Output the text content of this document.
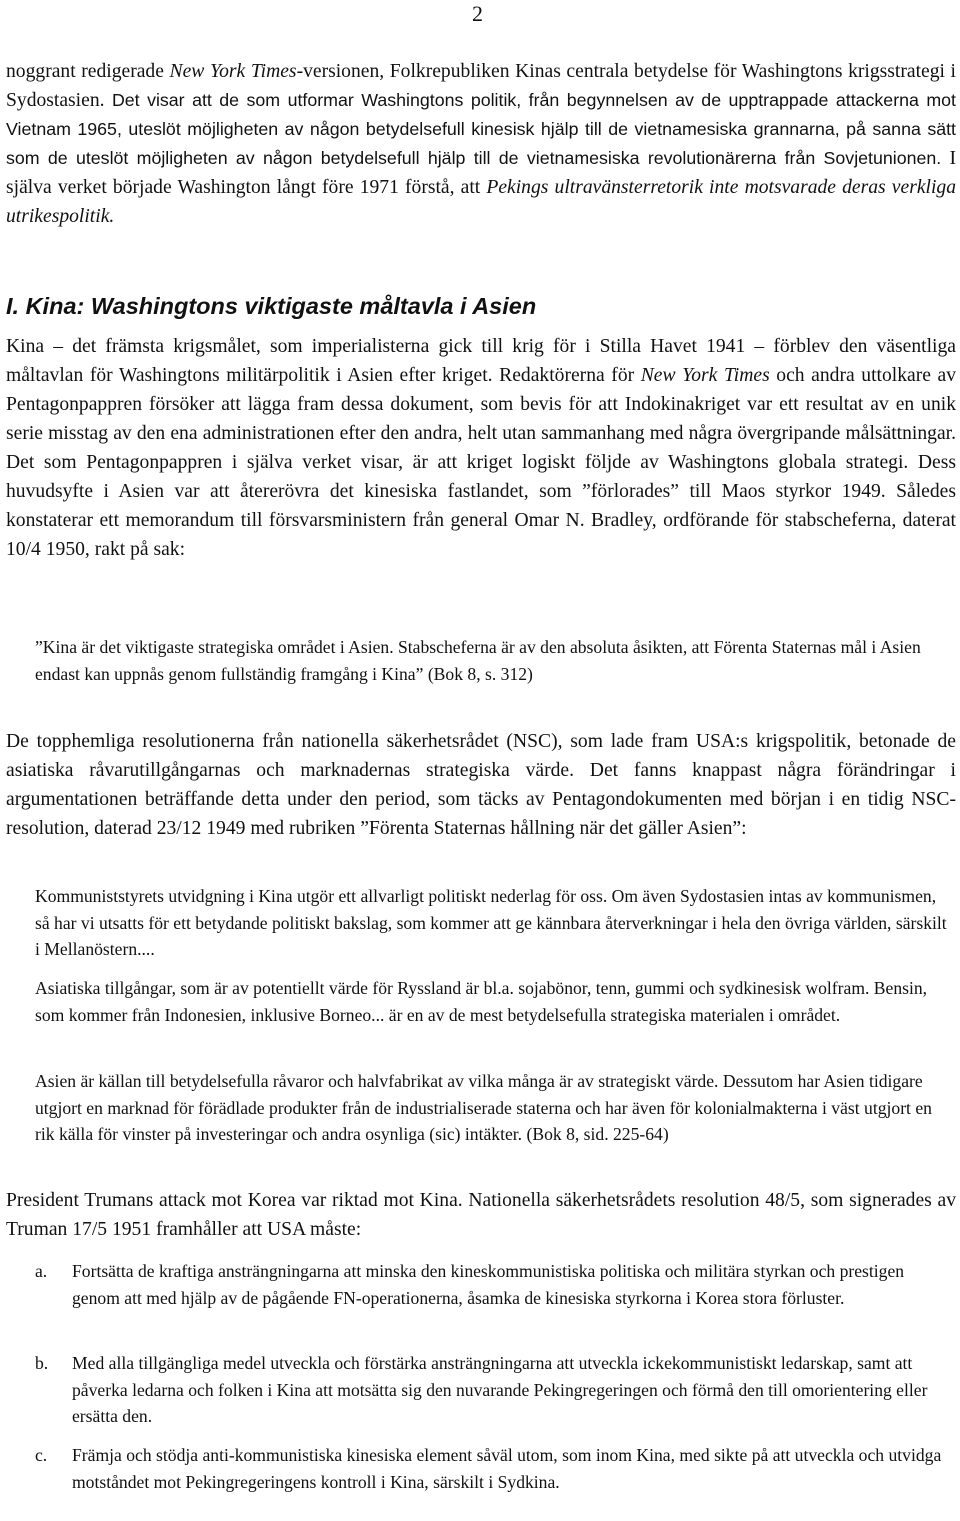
2
noggrant redigerade New York Times-versionen, Folkrepubliken Kinas centrala betydelse för Washingtons krigsstrategi i Sydostasien. Det visar att de som utformar Washingtons politik, från begynnelsen av de upptrappade attackerna mot Vietnam 1965, uteslöt möjligheten av någon betydelsefull kinesisk hjälp till de vietnamesiska grannarna, på sanna sätt som de uteslöt möjligheten av någon betydelsefull hjälp till de vietnamesiska revolutionärerna från Sovjetunionen. I själva verket började Washington långt före 1971 förstå, att Pekings ultravänsterretorik inte motsvarade deras verkliga utrikespolitik.
I. Kina: Washingtons viktigaste måltavla i Asien
Kina – det främsta krigsmålet, som imperialisterna gick till krig för i Stilla Havet 1941 – förblev den väsentliga måltavlan för Washingtons militärpolitik i Asien efter kriget. Redaktörerna för New York Times och andra uttolkare av Pentagonpappren försöker att lägga fram dessa dokument, som bevis för att Indokinakriget var ett resultat av en unik serie misstag av den ena administrationen efter den andra, helt utan sammanhang med några övergripande målsättningar. Det som Pentagonpappren i själva verket visar, är att kriget logiskt följde av Washingtons globala strategi. Dess huvudsyfte i Asien var att återerövra det kinesiska fastlandet, som ”förlorades” till Maos styrkor 1949. Således konstaterar ett memorandum till försvarsministern från general Omar N. Bradley, ordförande för stabscheferna, daterat 10/4 1950, rakt på sak:
”Kina är det viktigaste strategiska området i Asien. Stabscheferna är av den absoluta åsikten, att Förenta Staternas mål i Asien endast kan uppnås genom fullständig framgång i Kina” (Bok 8, s. 312)
De topphemliga resolutionerna från nationella säkerhetsrådet (NSC), som lade fram USA:s krigspolitik, betonade de asiatiska råvarutillgångarnas och marknadernas strategiska värde. Det fanns knappast några förändringar i argumentationen beträffande detta under den period, som täcks av Pentagondokumenten med början i en tidig NSC-resolution, daterad 23/12 1949 med rubriken ”Förenta Staternas hållning när det gäller Asien”:
Kommuniststyrets utvidgning i Kina utgör ett allvarligt politiskt nederlag för oss. Om även Sydostasien intas av kommunismen, så har vi utsatts för ett betydande politiskt bakslag, som kommer att ge kännbara återverkningar i hela den övriga världen, särskilt i Mellanöstern....
Asiatiska tillgångar, som är av potentiellt värde för Ryssland är bl.a. sojabönor, tenn, gummi och sydkinesisk wolfram. Bensin, som kommer från Indonesien, inklusive Borneo... är en av de mest betydelsefulla strategiska materialen i området.
Asien är källan till betydelsefulla råvaror och halvfabrikat av vilka många är av strategiskt värde. Dessutom har Asien tidigare utgjort en marknad för förädlade produkter från de industrialiserade staterna och har även för kolonialmakterna i väst utgjort en rik källa för vinster på investeringar och andra osynliga (sic) intäkter. (Bok 8, sid. 225-64)
President Trumans attack mot Korea var riktad mot Kina. Nationella säkerhetsrådets resolution 48/5, som signerades av Truman 17/5 1951 framhåller att USA måste:
a.	Fortsätta de kraftiga ansträngningarna att minska den kineskommunistiska politiska och militära styrkan och prestigen genom att med hjälp av de pågående FN-operationerna, åsamka de kinesiska styrkorna i Korea stora förluster.
b.	Med alla tillgängliga medel utveckla och förstärka ansträngningarna att utveckla ickekommunistiskt ledarskap, samt att påverka ledarna och folken i Kina att motsätta sig den nuvarande Pekingregeringen och förmå den till omorientering eller ersätta den.
c.	Främja och stödja anti-kommunistiska kinesiska element såväl utom, som inom Kina, med sikte på att utveckla och utvidga motståndet mot Pekingregeringens kontroll i Kina, särskilt i Sydkina.
